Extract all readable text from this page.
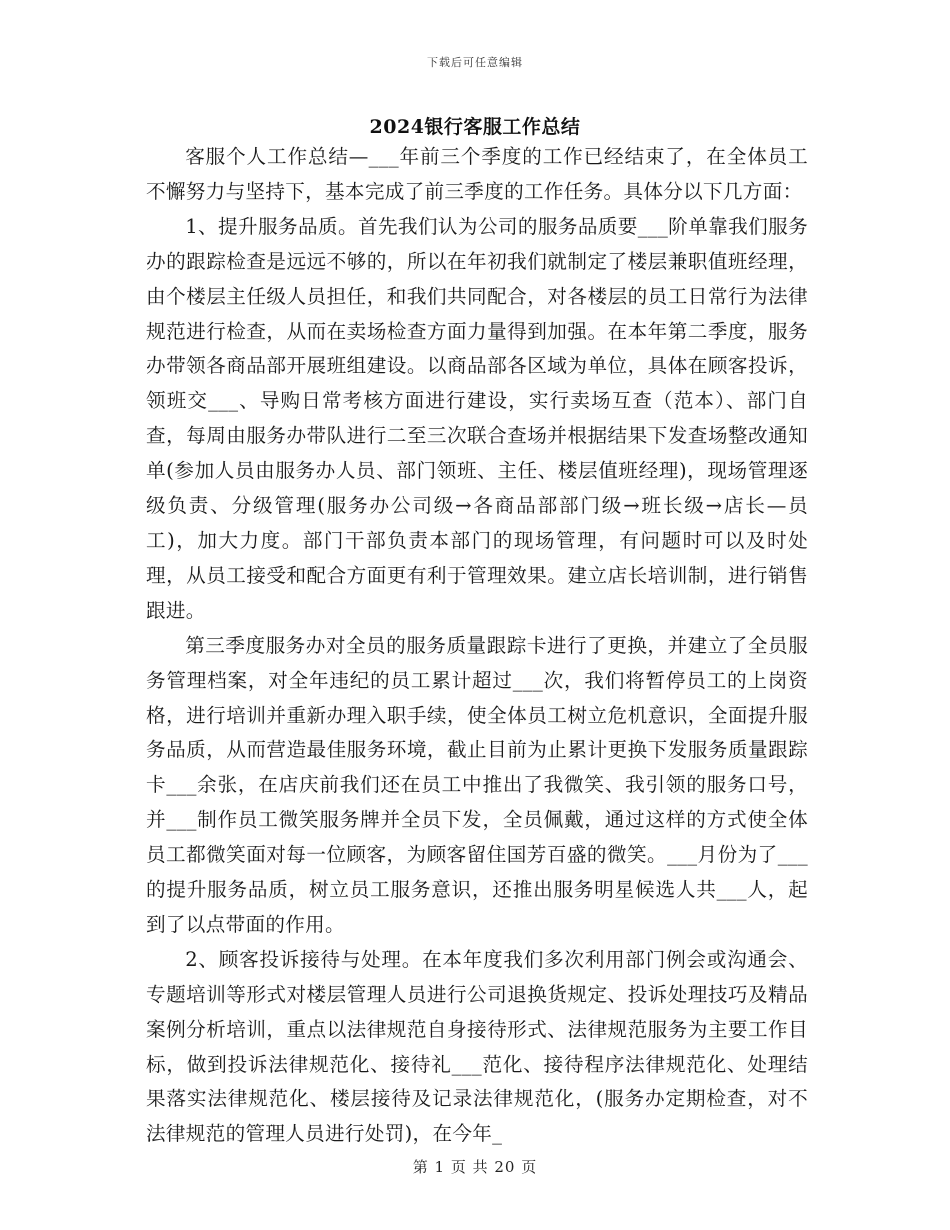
下载后可任意编辑
2024银行客服工作总结

客服个人工作总结—___年前三个季度的工作已经结束了，在全体员工不懈努力与坚持下，基本完成了前三季度的工作任务。具体分以下几方面：

1、提升服务品质。首先我们认为公司的服务品质要___阶单靠我们服务办的跟踪检查是远远不够的，所以在年初我们就制定了楼层兼职值班经理，由个楼层主任级人员担任，和我们共同配合，对各楼层的员工日常行为法律规范进行检查，从而在卖场检查方面力量得到加强。在本年第二季度，服务办带领各商品部开展班组建设。以商品部各区域为单位，具体在顾客投诉，领班交___、导购日常考核方面进行建设，实行卖场互查（范本）、部门自查，每周由服务办带队进行二至三次联合查场并根据结果下发查场整改通知单(参加人员由服务办人员、部门领班、主任、楼层值班经理)，现场管理逐级负责、分级管理(服务办公司级→各商品部部门级→班长级→店长—员工)，加大力度。部门干部负责本部门的现场管理，有问题时可以及时处理，从员工接受和配合方面更有利于管理效果。建立店长培训制，进行销售跟进。

第三季度服务办对全员的服务质量跟踪卡进行了更换，并建立了全员服务管理档案，对全年违纪的员工累计超过___次，我们将暂停员工的上岗资格，进行培训并重新办理入职手续，使全体员工树立危机意识，全面提升服务品质，从而营造最佳服务环境，截止目前为止累计更换下发服务质量跟踪卡___余张，在店庆前我们还在员工中推出了我微笑、我引领的服务口号，并___制作员工微笑服务牌并全员下发，全员佩戴，通过这样的方式使全体员工都微笑面对每一位顾客，为顾客留住国芳百盛的微笑。___月份为了___的提升服务品质，树立员工服务意识，还推出服务明星候选人共___人，起到了以点带面的作用。

2、顾客投诉接待与处理。在本年度我们多次利用部门例会或沟通会、专题培训等形式对楼层管理人员进行公司退换货规定、投诉处理技巧及精品案例分析培训，重点以法律规范自身接待形式、法律规范服务为主要工作目标，做到投诉法律规范化、接待礼___范化、接待程序法律规范化、处理结果落实法律规范化、楼层接待及记录法律规范化，(服务办定期检查，对不法律规范的管理人员进行处罚)，在今年_

第 1 页 共 20 页
